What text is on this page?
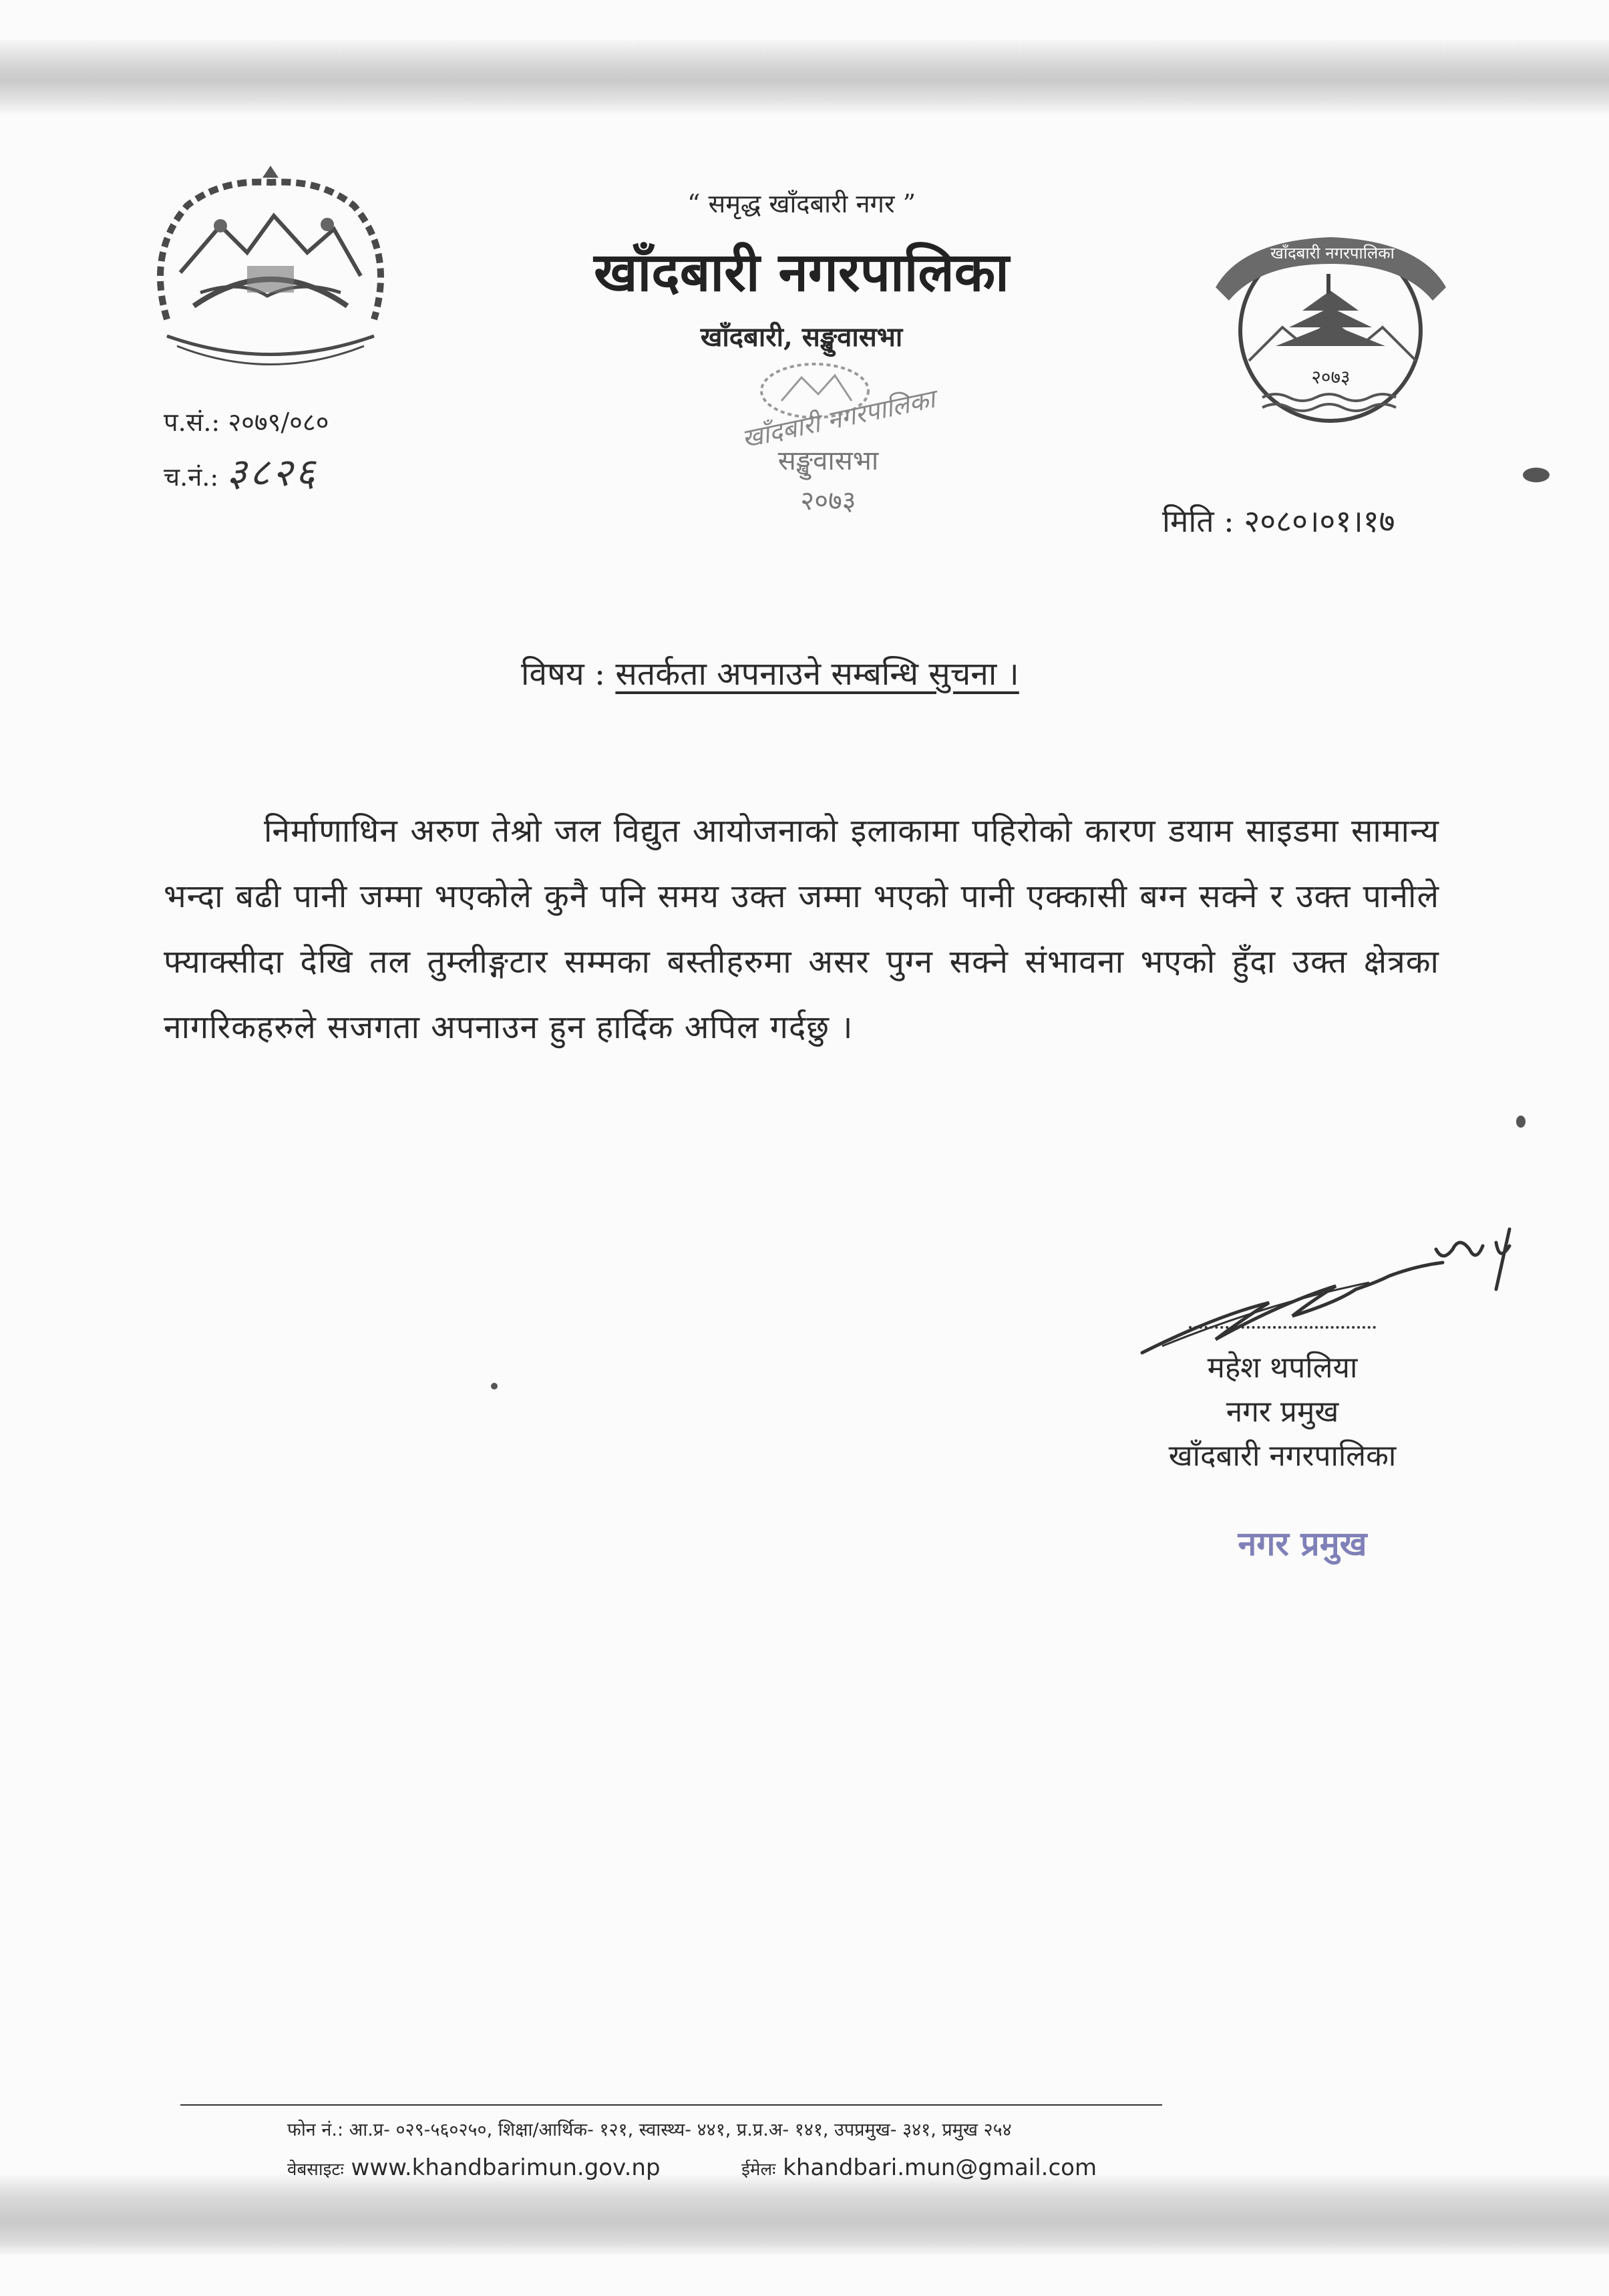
“ समृद्ध खाँदबारी नगर ”
खाँदबारी नगरपालिका
खाँदबारी, सङ्खुवासभा
खाँदबारी नगरपालिका
२०७३
खाँदबारी नगरपालिका
सङ्खुवासभा
२०७३
प.सं.: २०७९/०८०
च.नं.: ३८२६
मिति : २०८०।०१।१७
विषय : सतर्कता अपनाउने सम्बन्धि सुचना ।
निर्माणाधिन अरुण तेश्रो जल विद्युत आयोजनाको इलाकामा पहिरोको कारण डयाम साइडमा सामान्य भन्दा बढी पानी जम्मा भएकोले कुनै पनि समय उक्त जम्मा भएको पानी एक्कासी बग्न सक्ने र उक्त पानीले फ्याक्सीदा देखि तल तुम्लीङ्गटार सम्मका बस्तीहरुमा असर पुग्न सक्ने संभावना भएको हुँदा उक्त क्षेत्रका नागरिकहरुले सजगता अपनाउन हुन हार्दिक अपिल गर्दछु ।
महेश थपलिया
नगर प्रमुख
खाँदबारी नगरपालिका
नगर प्रमुख
फोन नं.: आ.प्र- ०२९-५६०२५०, शिक्षा/आर्थिक- १२१, स्वास्थ्य- ४४१, प्र.प्र.अ- १४१, उपप्रमुख- ३४१, प्रमुख २५४
वेबसाइटः www.khandbarimun.gov.np	ईमेलः khandbari.mun@gmail.com
